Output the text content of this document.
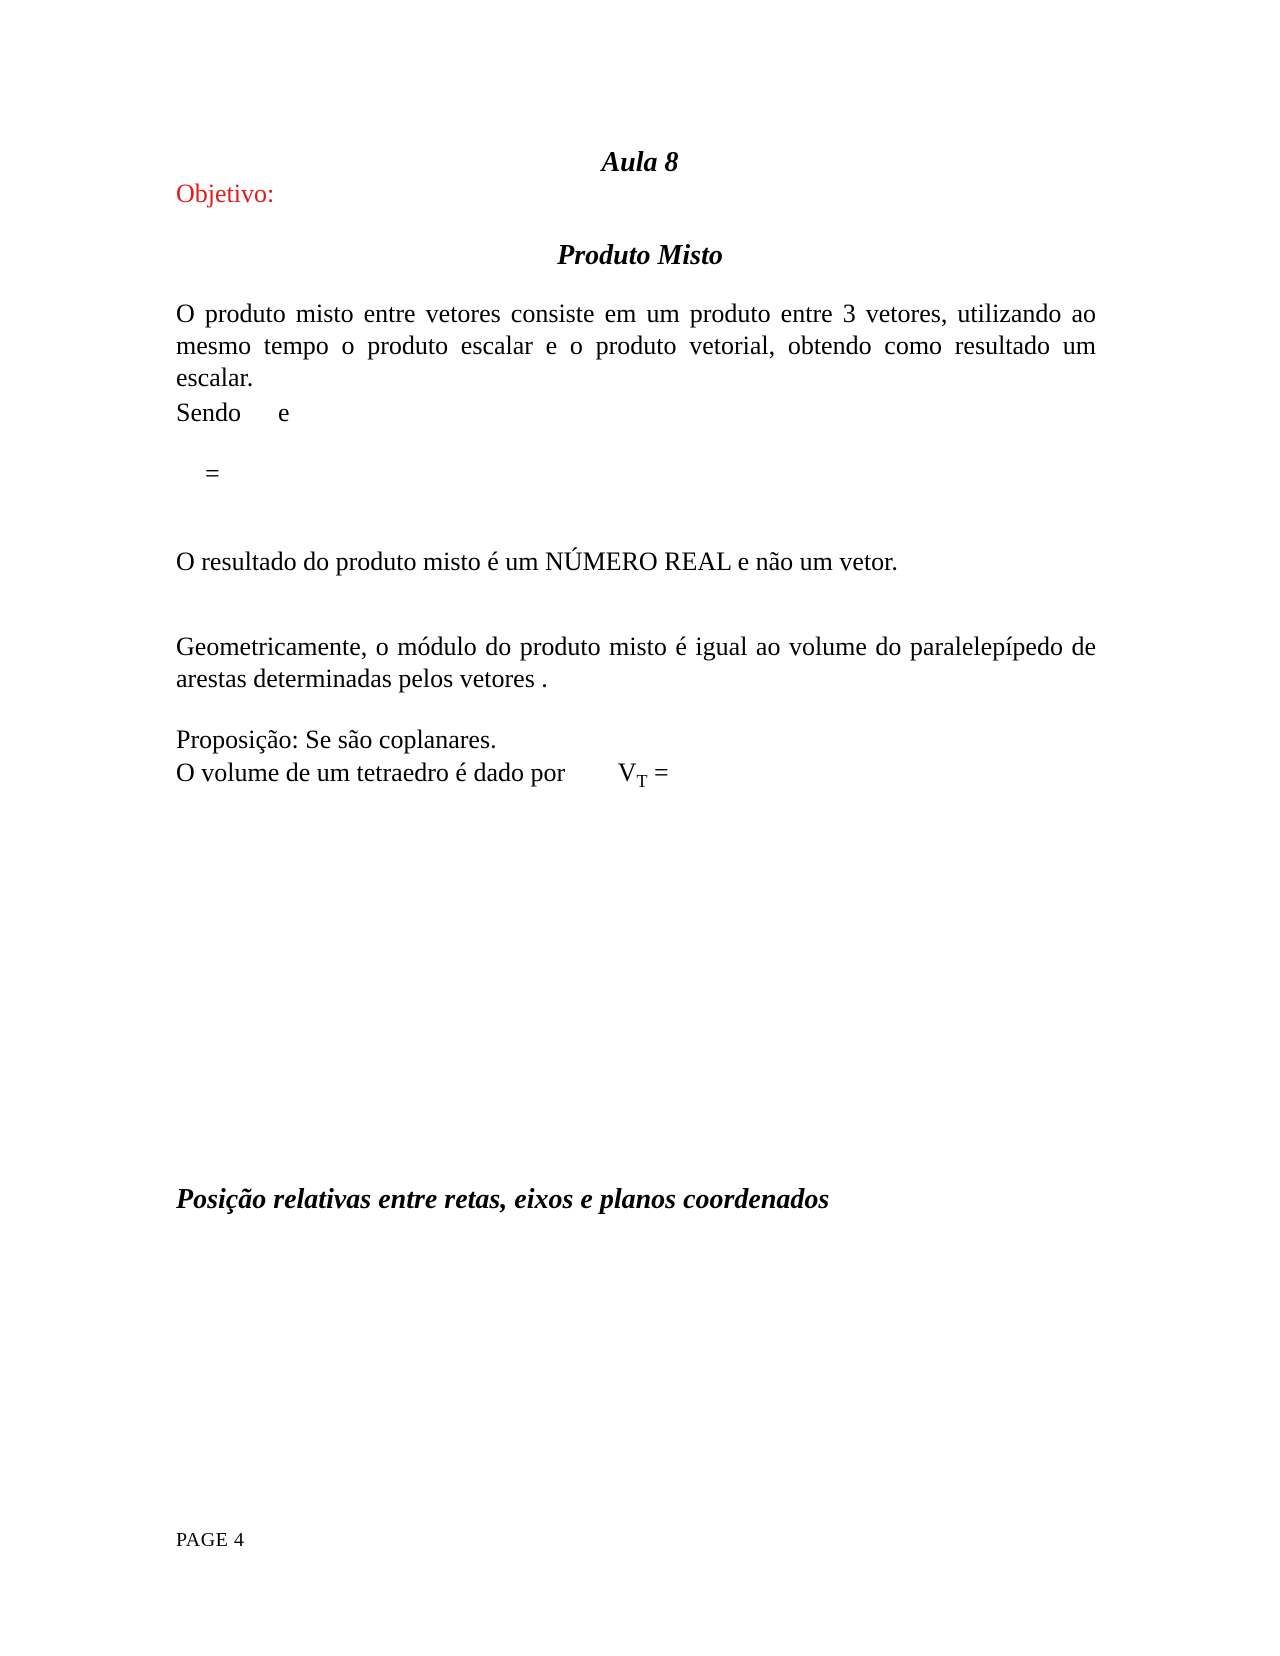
Aula 8
Objetivo:
Produto Misto
O produto misto entre vetores consiste em um produto entre 3 vetores, utilizando ao mesmo tempo o produto escalar e o produto vetorial, obtendo como resultado um escalar.
Sendo e
=
O resultado do produto misto é um NÚMERO REAL e não um vetor.
Geometricamente, o módulo do produto misto é igual ao volume do paralelepípedo de arestas determinadas pelos vetores .
Proposição: Se são coplanares.
O volume de um tetraedro é dado por $V_T$ =
Posição relativas entre retas, eixos e planos coordenados
PAGE 4
